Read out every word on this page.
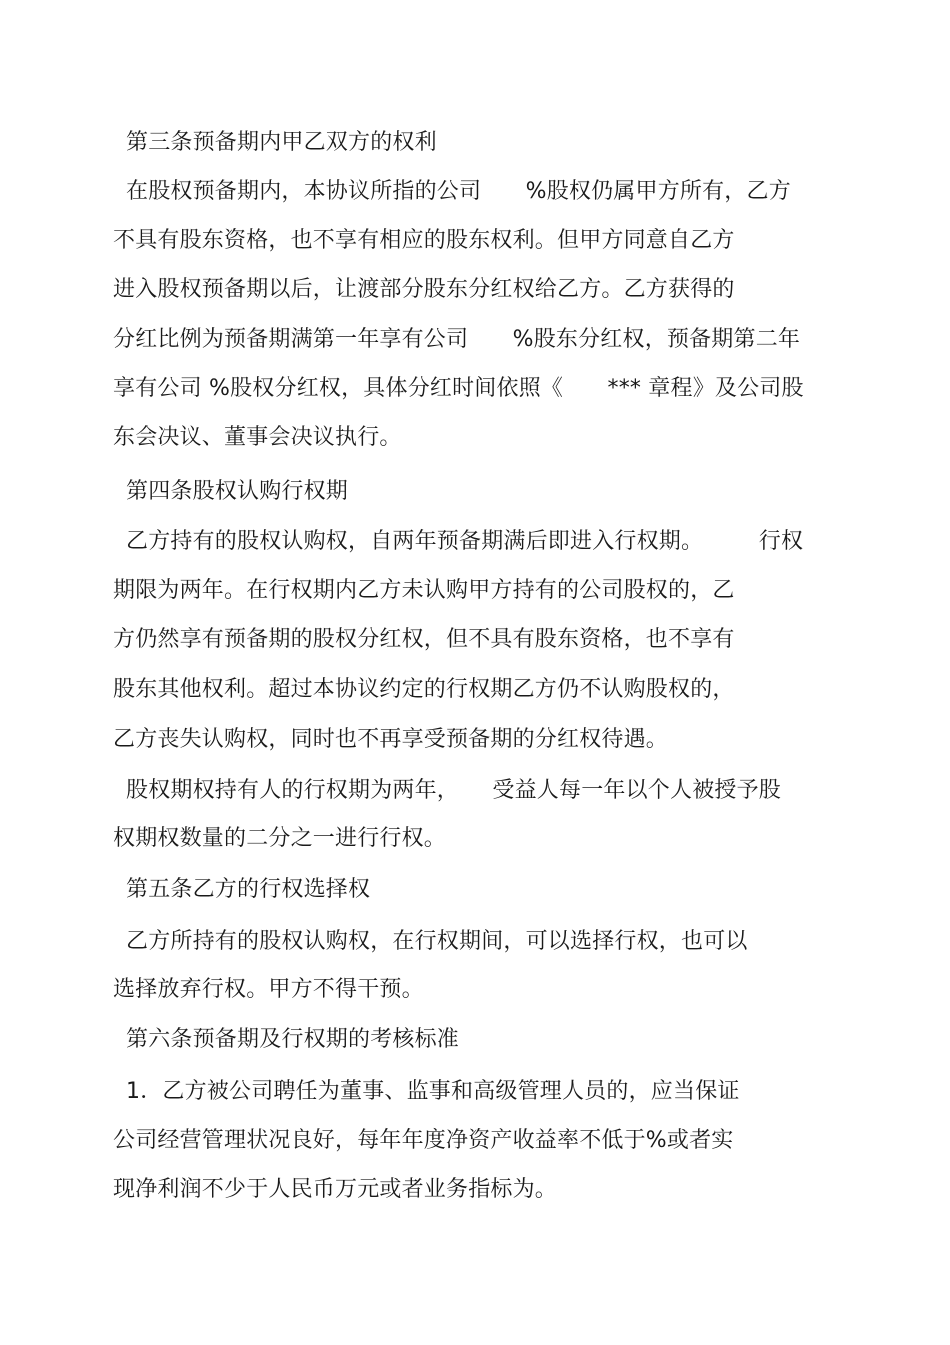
第三条预备期内甲乙双方的权利
在股权预备期内，本协议所指的公司　　%股权仍属甲方所有，乙方
不具有股东资格，也不享有相应的股东权利。但甲方同意自乙方
进入股权预备期以后，让渡部分股东分红权给乙方。乙方获得的
分红比例为预备期满第一年享有公司　　%股东分红权，预备期第二年
享有公司 %股权分红权，具体分红时间依照《　　*** 章程》及公司股
东会决议、董事会决议执行。
第四条股权认购行权期
乙方持有的股权认购权，自两年预备期满后即进入行权期。　　　行权
期限为两年。在行权期内乙方未认购甲方持有的公司股权的，乙
方仍然享有预备期的股权分红权，但不具有股东资格，也不享有
股东其他权利。超过本协议约定的行权期乙方仍不认购股权的，
乙方丧失认购权，同时也不再享受预备期的分红权待遇。
股权期权持有人的行权期为两年，　　受益人每一年以个人被授予股
权期权数量的二分之一进行行权。
第五条乙方的行权选择权
乙方所持有的股权认购权，在行权期间，可以选择行权，也可以
选择放弃行权。甲方不得干预。
第六条预备期及行权期的考核标准
1．乙方被公司聘任为董事、监事和高级管理人员的，应当保证
公司经营管理状况良好，每年年度净资产收益率不低于%或者实
现净利润不少于人民币万元或者业务指标为。
